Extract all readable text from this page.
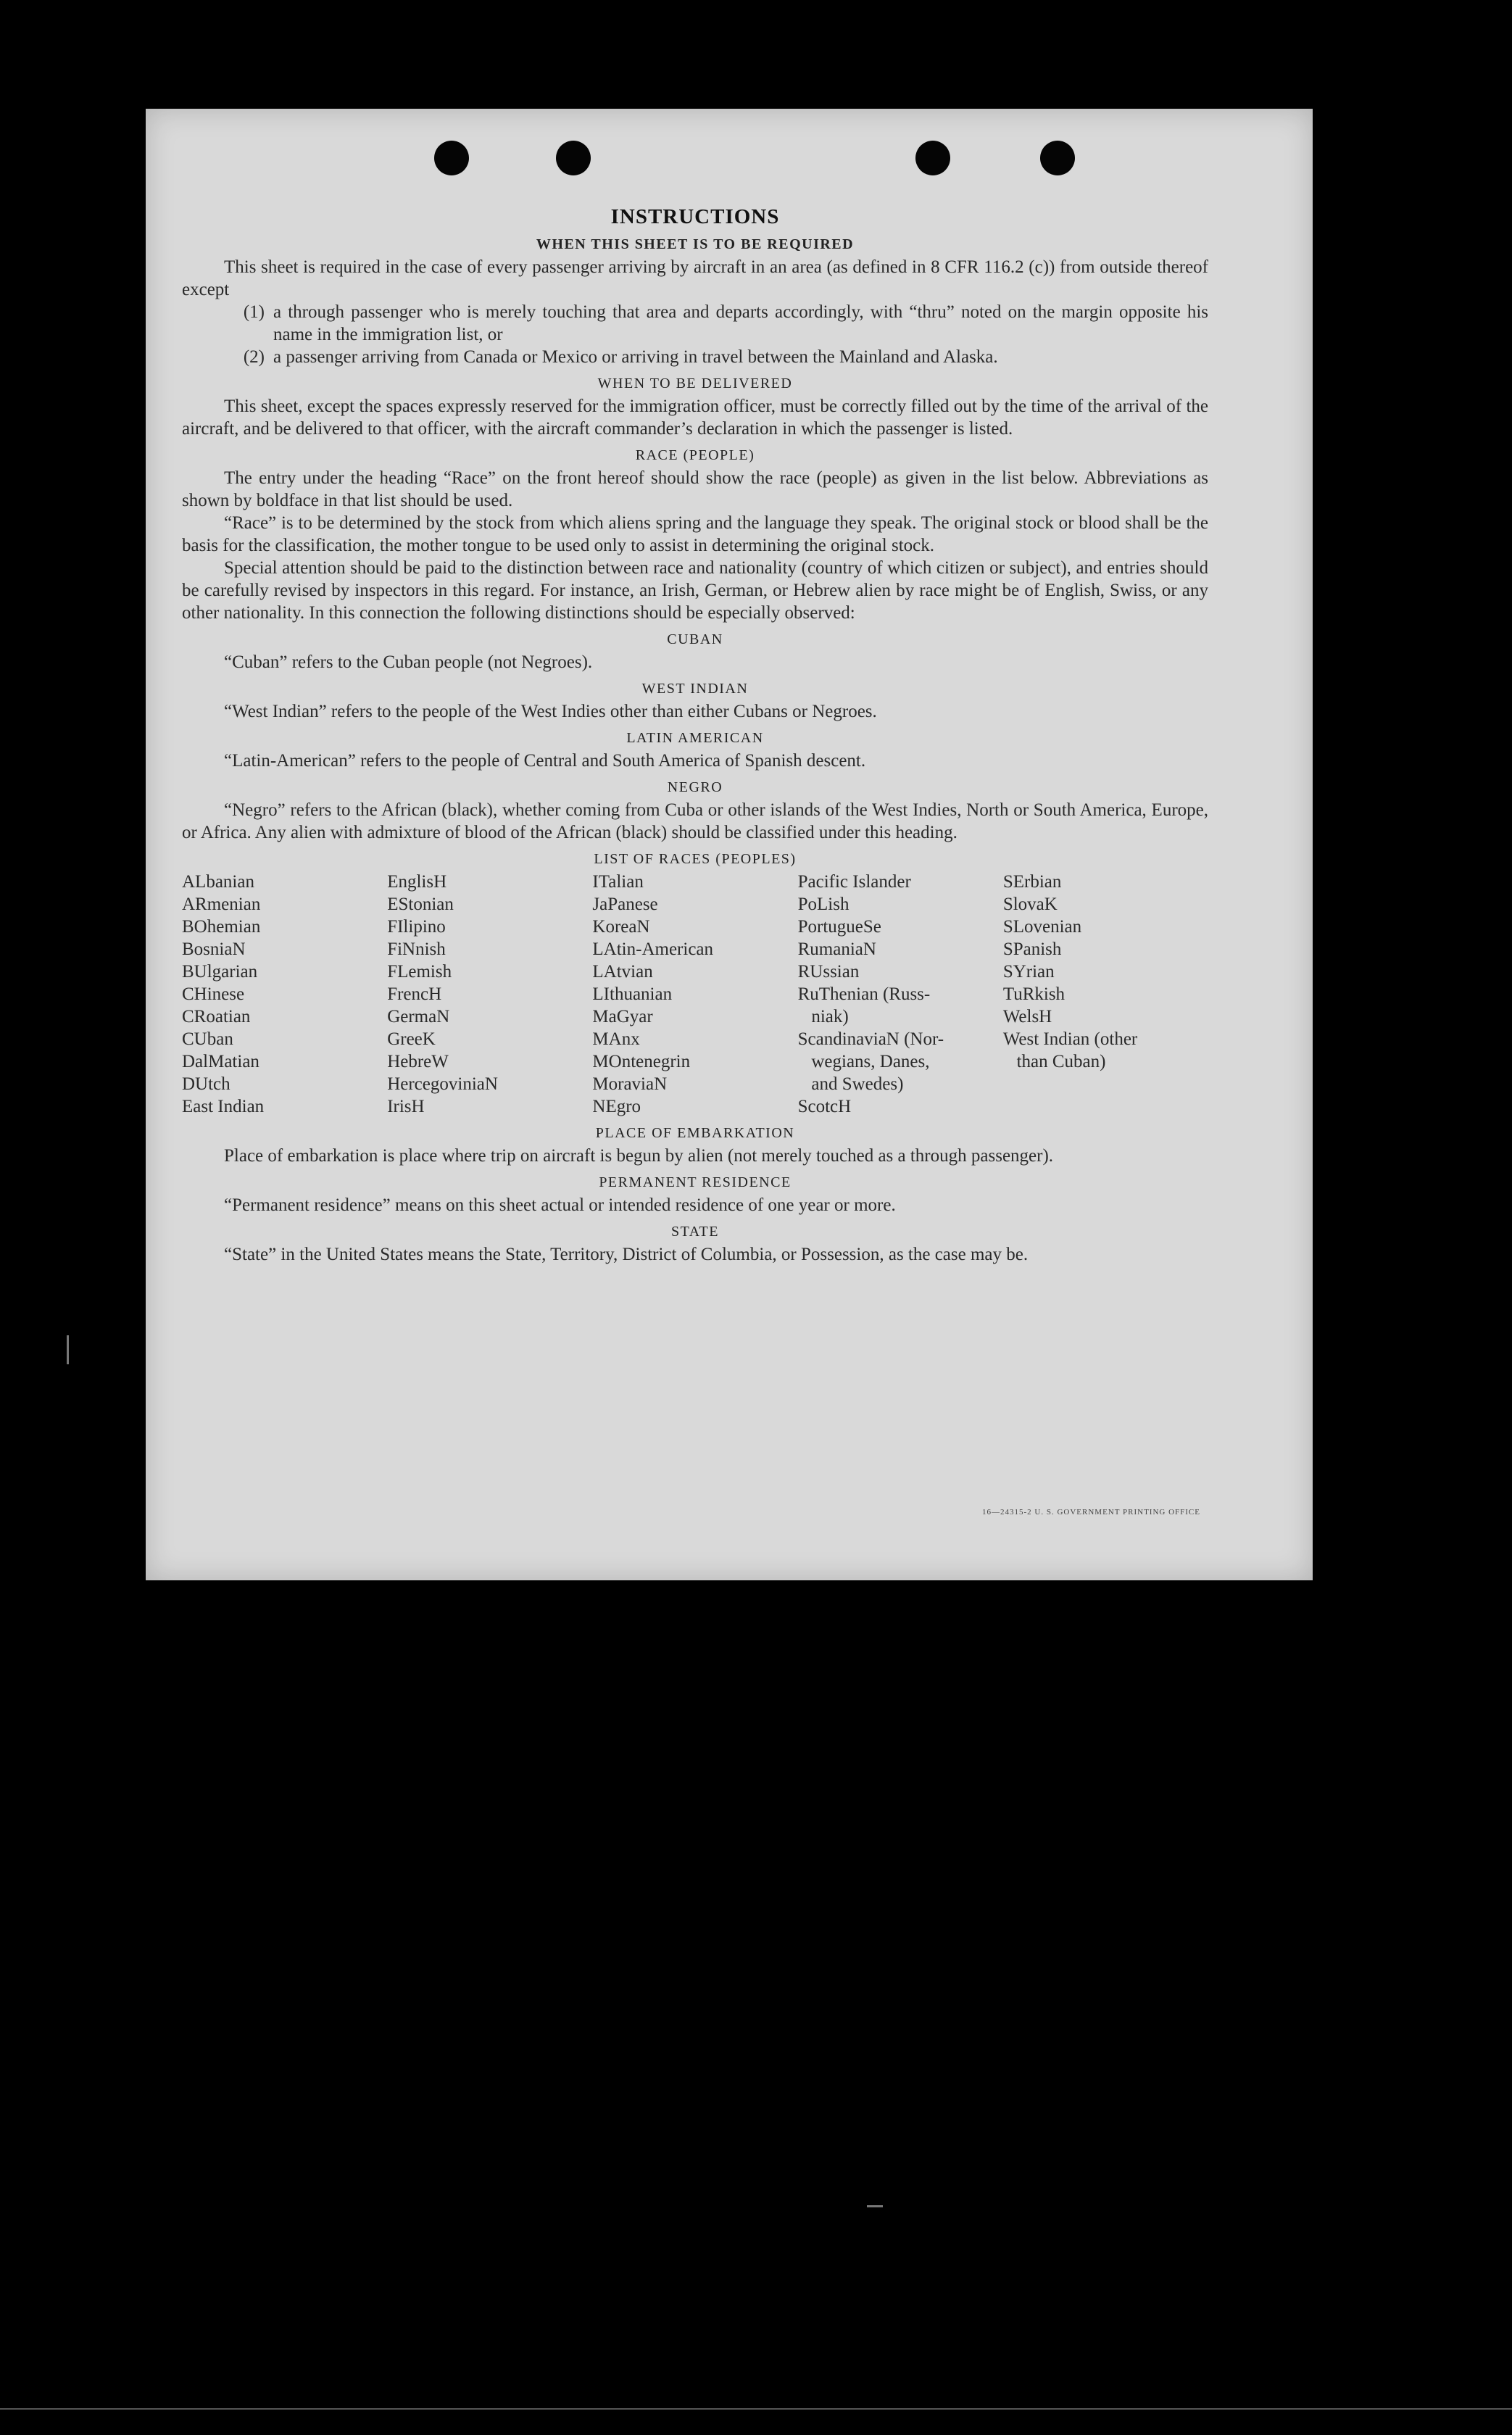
INSTRUCTIONS
WHEN THIS SHEET IS TO BE REQUIRED

This sheet is required in the case of every passenger arriving by aircraft in an area (as defined in 8 CFR 116.2 (c)) from outside thereof except

(1) a through passenger who is merely touching that area and departs accordingly, with “thru” noted on the margin opposite his name in the immigration list, or
(2) a passenger arriving from Canada or Mexico or arriving in travel between the Mainland and Alaska.
WHEN TO BE DELIVERED

This sheet, except the spaces expressly reserved for the immigration officer, must be correctly filled out by the time of the arrival of the aircraft, and be delivered to that officer, with the aircraft commander’s declaration in which the passenger is listed.

RACE (PEOPLE)

The entry under the heading “Race” on the front hereof should show the race (people) as given in the list below. Abbreviations as shown by boldface in that list should be used.

“Race” is to be determined by the stock from which aliens spring and the language they speak. The original stock or blood shall be the basis for the classification, the mother tongue to be used only to assist in determining the original stock.

Special attention should be paid to the distinction between race and nationality (country of which citizen or subject), and entries should be carefully revised by inspectors in this regard. For instance, an Irish, German, or Hebrew alien by race might be of English, Swiss, or any other nationality. In this connection the following distinctions should be especially observed:

CUBAN

“Cuban” refers to the Cuban people (not Negroes).

WEST INDIAN

“West Indian” refers to the people of the West Indies other than either Cubans or Negroes.

LATIN AMERICAN

“Latin-American” refers to the people of Central and South America of Spanish descent.

NEGRO

“Negro” refers to the African (black), whether coming from Cuba or other islands of the West Indies, North or South America, Europe, or Africa. Any alien with admixture of blood of the African (black) should be classified under this heading.

LIST OF RACES (PEOPLES)
ALbanian
ARmenian
BOhemian
BosniaN
BUlgarian
CHinese
CRoatian
CUban
DalMatian
DUtch
East Indian
EnglisH
EStonian
FIlipino
FiNnish
FLemish
FrencH
GermaN
GreeK
HebreW
HercegoviniaN
IrisH
ITalian
JaPanese
KoreaN
LAtin-American
LAtvian
LIthuanian
MaGyar
MAnx
MOntenegrin
MoraviaN
NEgro
Pacific Islander
PoLish
PortugueSe
RumaniaN
RUssian
RuThenian (Russ-
niak)
ScandinaviaN (Nor-
wegians, Danes,
and Swedes)
ScotcH
SErbian
SlovaK
SLovenian
SPanish
SYrian
TuRkish
WelsH
West Indian (other
than Cuban)
PLACE OF EMBARKATION

Place of embarkation is place where trip on aircraft is begun by alien (not merely touched as a through passenger).

PERMANENT RESIDENCE

“Permanent residence” means on this sheet actual or intended residence of one year or more.

STATE

“State” in the United States means the State, Territory, District of Columbia, or Possession, as the case may be.

16—24315-2 U. S. GOVERNMENT PRINTING OFFICE
